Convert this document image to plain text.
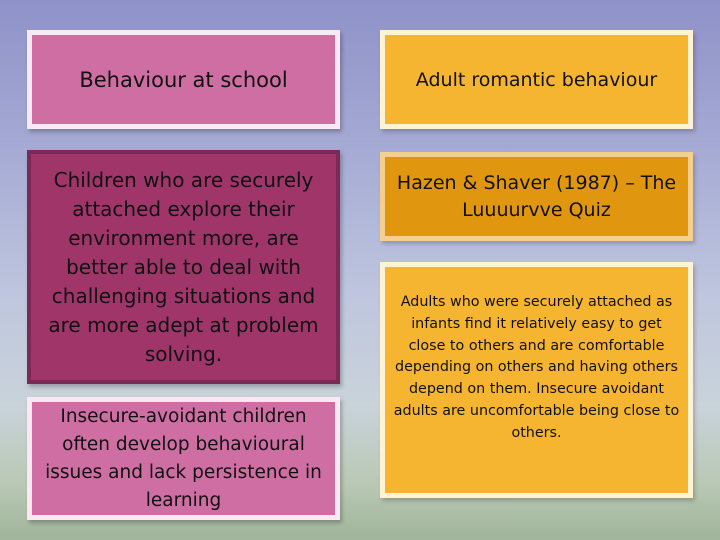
Behaviour at school
Children who are securely attached explore their environment more, are better able to deal with challenging situations and are more adept at problem solving.
Insecure-avoidant children often develop behavioural issues and lack persistence in learning
Adult romantic behaviour
Hazen & Shaver (1987) – The Luuuurvve Quiz
Adults who were securely attached as infants find it relatively easy to get close to others and are comfortable depending on others and having others depend on them. Insecure avoidant adults are uncomfortable being close to others.
